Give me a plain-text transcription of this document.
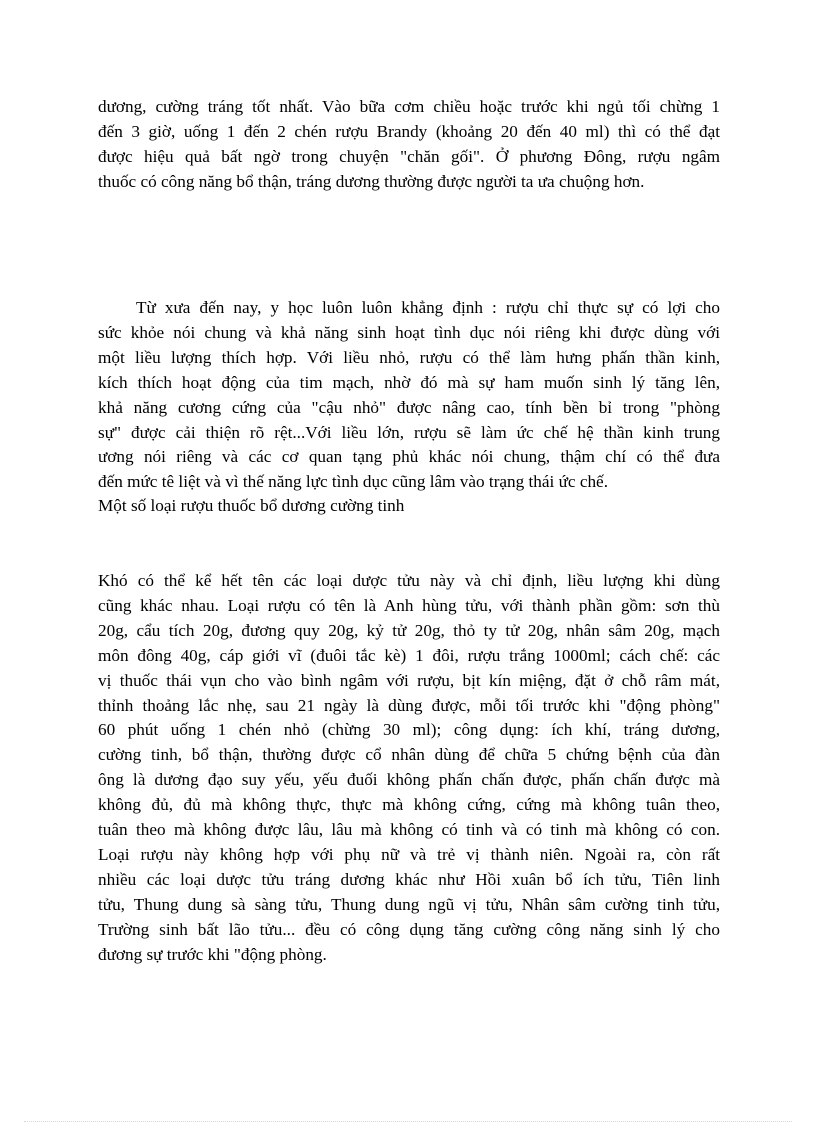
dương, cường tráng tốt nhất. Vào bữa cơm chiều hoặc trước khi ngủ tối chừng 1
đến 3 giờ, uống 1 đến 2 chén rượu Brandy (khoảng 20 đến 40 ml) thì có thể đạt
được hiệu quả bất ngờ trong chuyện "chăn gối". Ở phương Đông, rượu ngâm
thuốc có công năng bổ thận, tráng dương thường được người ta ưa chuộng hơn.
Từ xưa đến nay, y học luôn luôn khẳng định : rượu chỉ thực sự có lợi cho
sức khỏe nói chung và khả năng sinh hoạt tình dục nói riêng khi được dùng với
một liều lượng thích hợp. Với liều nhỏ, rượu có thể làm hưng phấn thần kinh,
kích thích hoạt động của tim mạch, nhờ đó mà sự ham muốn sinh lý tăng lên,
khả năng cương cứng của "cậu nhỏ" được nâng cao, tính bền bỉ trong "phòng
sự" được cải thiện rõ rệt...Với liều lớn, rượu sẽ làm ức chế hệ thần kinh trung
ương nói riêng và các cơ quan tạng phủ khác nói chung, thậm chí có thể đưa
đến mức tê liệt và vì thế năng lực tình dục cũng lâm vào trạng thái ức chế.
Một số loại rượu thuốc bổ dương cường tinh
Khó có thể kể hết tên các loại dược tửu này và chỉ định, liều lượng khi dùng
cũng khác nhau. Loại rượu có tên là Anh hùng tửu, với thành phần gồm: sơn thù
20g, cẩu tích 20g, đương quy 20g, kỷ tử 20g, thỏ ty tử 20g, nhân sâm 20g, mạch
môn đông 40g, cáp giới vĩ (đuôi tắc kè) 1 đôi, rượu trắng 1000ml; cách chế: các
vị thuốc thái vụn cho vào bình ngâm với rượu, bịt kín miệng, đặt ở chỗ râm mát,
thỉnh thoảng lắc nhẹ, sau 21 ngày là dùng được, mỗi tối trước khi "động phòng"
60 phút uống 1 chén nhỏ (chừng 30 ml); công dụng: ích khí, tráng dương,
cường tinh, bổ thận, thường được cổ nhân dùng để chữa 5 chứng bệnh của đàn
ông là dương đạo suy yếu, yếu đuối không phấn chấn được, phấn chấn được mà
không đủ, đủ mà không thực, thực mà không cứng, cứng mà không tuân theo,
tuân theo mà không được lâu, lâu mà không có tinh và có tinh mà không có con.
Loại rượu này không hợp với phụ nữ và trẻ vị thành niên. Ngoài ra, còn rất
nhiều các loại dược tửu tráng dương khác như Hồi xuân bổ ích tửu, Tiên linh
tửu, Thung dung sà sàng tửu, Thung dung ngũ vị tửu, Nhân sâm cường tinh tửu,
Trường sinh bất lão tửu... đều có công dụng tăng cường công năng sinh lý cho
đương sự trước khi "động phòng.
